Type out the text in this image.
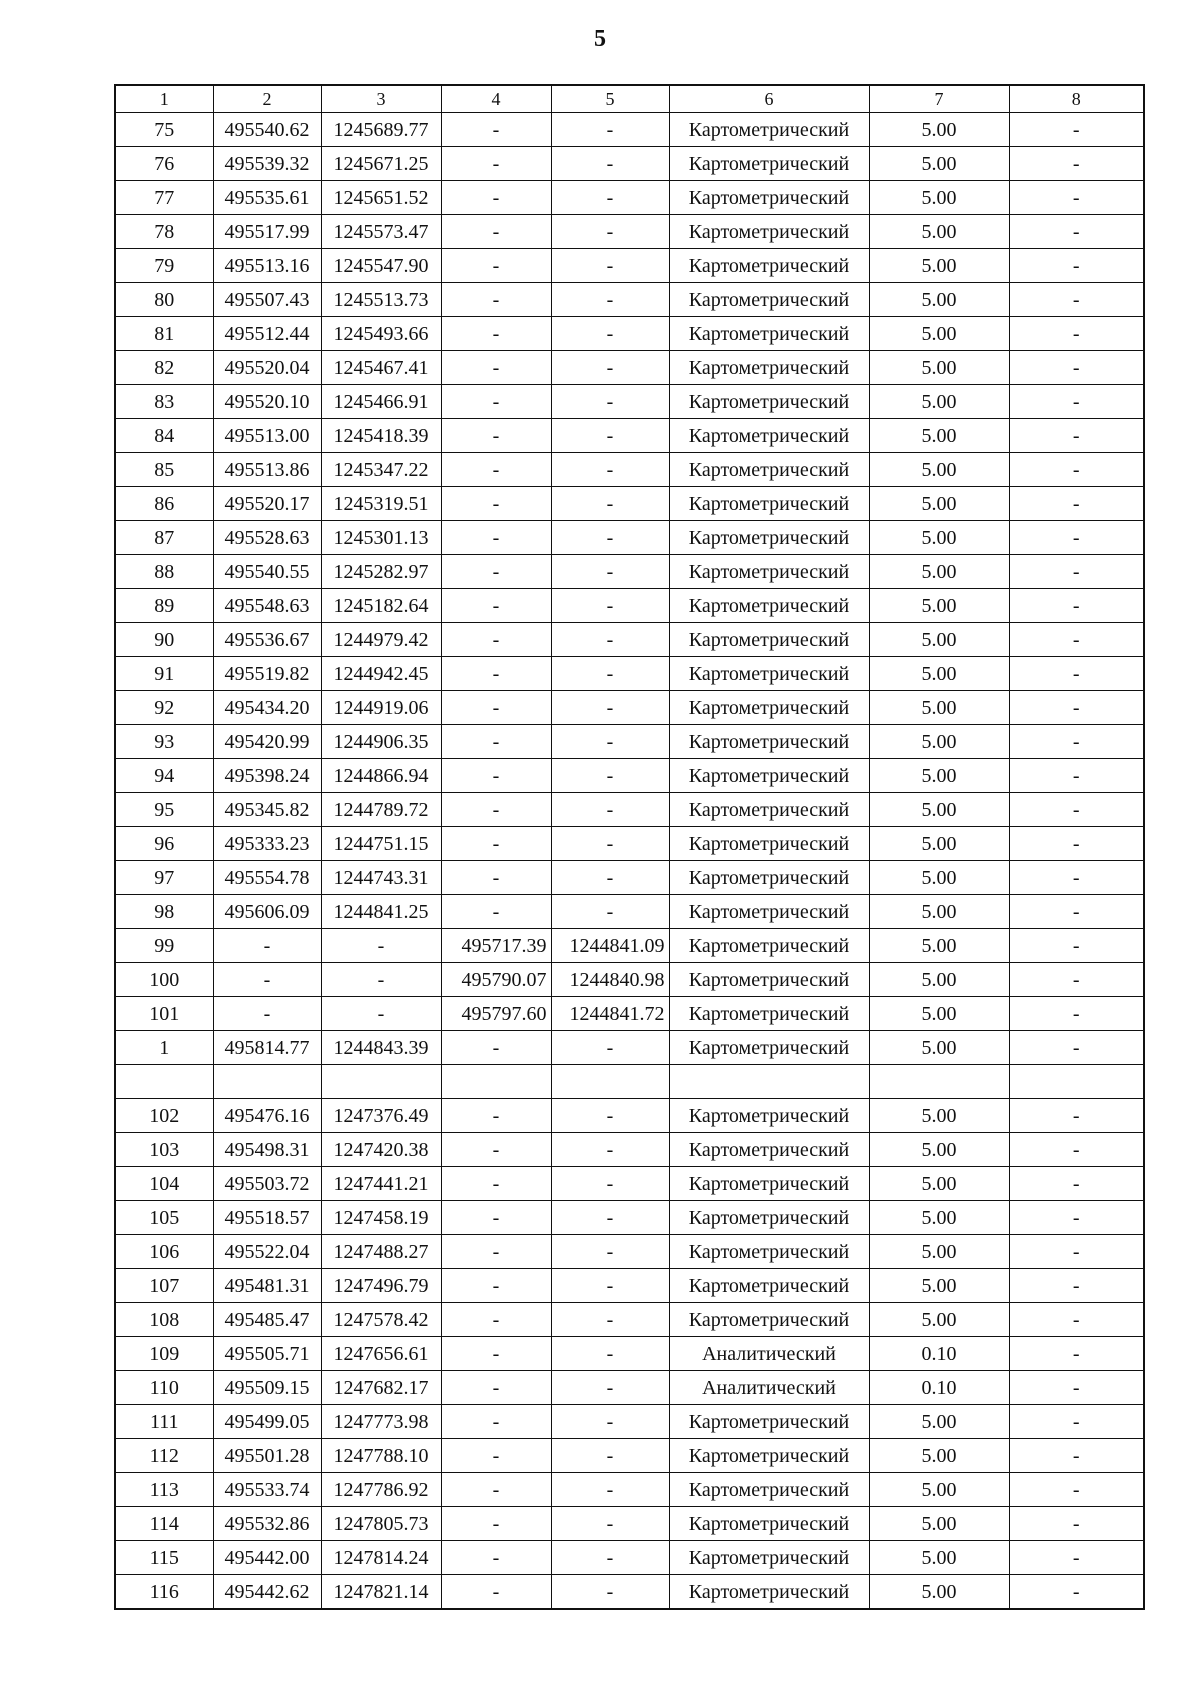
5
1	2	3	4	5	6	7	8
75	495540.62	1245689.77	-	-	Картометрический	5.00	-
76	495539.32	1245671.25	-	-	Картометрический	5.00	-
77	495535.61	1245651.52	-	-	Картометрический	5.00	-
78	495517.99	1245573.47	-	-	Картометрический	5.00	-
79	495513.16	1245547.90	-	-	Картометрический	5.00	-
80	495507.43	1245513.73	-	-	Картометрический	5.00	-
81	495512.44	1245493.66	-	-	Картометрический	5.00	-
82	495520.04	1245467.41	-	-	Картометрический	5.00	-
83	495520.10	1245466.91	-	-	Картометрический	5.00	-
84	495513.00	1245418.39	-	-	Картометрический	5.00	-
85	495513.86	1245347.22	-	-	Картометрический	5.00	-
86	495520.17	1245319.51	-	-	Картометрический	5.00	-
87	495528.63	1245301.13	-	-	Картометрический	5.00	-
88	495540.55	1245282.97	-	-	Картометрический	5.00	-
89	495548.63	1245182.64	-	-	Картометрический	5.00	-
90	495536.67	1244979.42	-	-	Картометрический	5.00	-
91	495519.82	1244942.45	-	-	Картометрический	5.00	-
92	495434.20	1244919.06	-	-	Картометрический	5.00	-
93	495420.99	1244906.35	-	-	Картометрический	5.00	-
94	495398.24	1244866.94	-	-	Картометрический	5.00	-
95	495345.82	1244789.72	-	-	Картометрический	5.00	-
96	495333.23	1244751.15	-	-	Картометрический	5.00	-
97	495554.78	1244743.31	-	-	Картометрический	5.00	-
98	495606.09	1244841.25	-	-	Картометрический	5.00	-
99	-	-	495717.39	1244841.09	Картометрический	5.00	-
100	-	-	495790.07	1244840.98	Картометрический	5.00	-
101	-	-	495797.60	1244841.72	Картометрический	5.00	-
1	495814.77	1244843.39	-	-	Картометрический	5.00	-

102	495476.16	1247376.49	-	-	Картометрический	5.00	-
103	495498.31	1247420.38	-	-	Картометрический	5.00	-
104	495503.72	1247441.21	-	-	Картометрический	5.00	-
105	495518.57	1247458.19	-	-	Картометрический	5.00	-
106	495522.04	1247488.27	-	-	Картометрический	5.00	-
107	495481.31	1247496.79	-	-	Картометрический	5.00	-
108	495485.47	1247578.42	-	-	Картометрический	5.00	-
109	495505.71	1247656.61	-	-	Аналитический	0.10	-
110	495509.15	1247682.17	-	-	Аналитический	0.10	-
111	495499.05	1247773.98	-	-	Картометрический	5.00	-
112	495501.28	1247788.10	-	-	Картометрический	5.00	-
113	495533.74	1247786.92	-	-	Картометрический	5.00	-
114	495532.86	1247805.73	-	-	Картометрический	5.00	-
115	495442.00	1247814.24	-	-	Картометрический	5.00	-
116	495442.62	1247821.14	-	-	Картометрический	5.00	-
